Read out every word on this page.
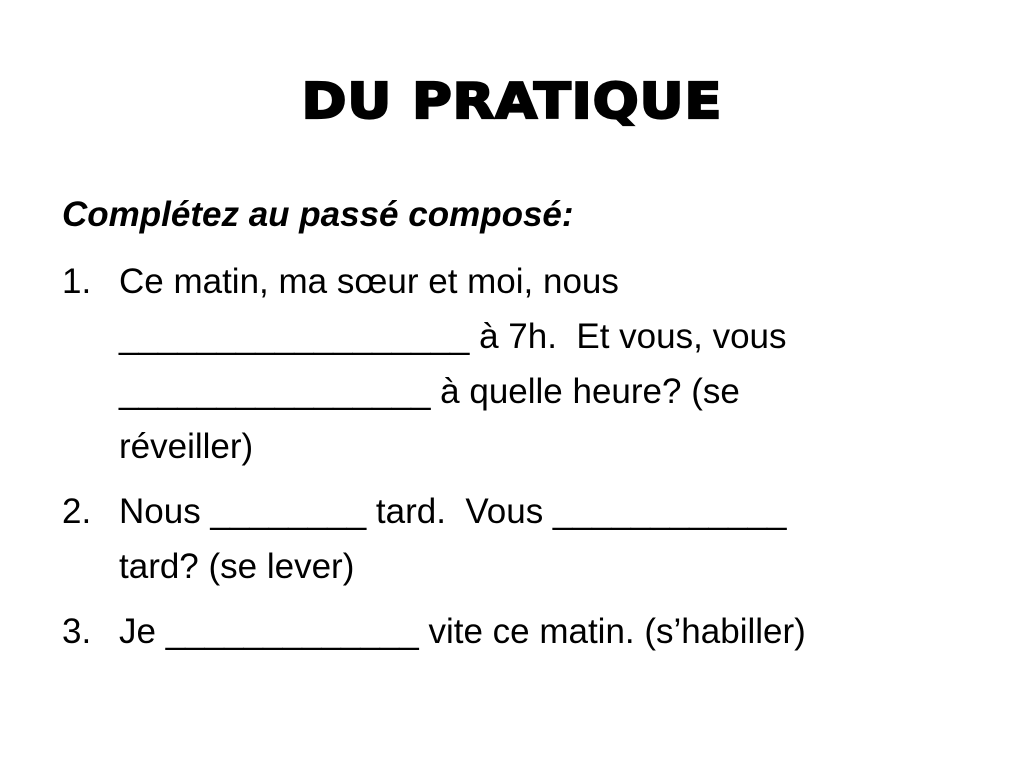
DU PRATIQUE
Complétez au passé composé:
1. Ce matin, ma sœur et moi, nous
__________________ à 7h.  Et vous, vous
________________ à quelle heure? (se
réveiller)
2. Nous ________ tard.  Vous ____________
tard? (se lever)
3. Je _____________ vite ce matin. (s’habiller)
